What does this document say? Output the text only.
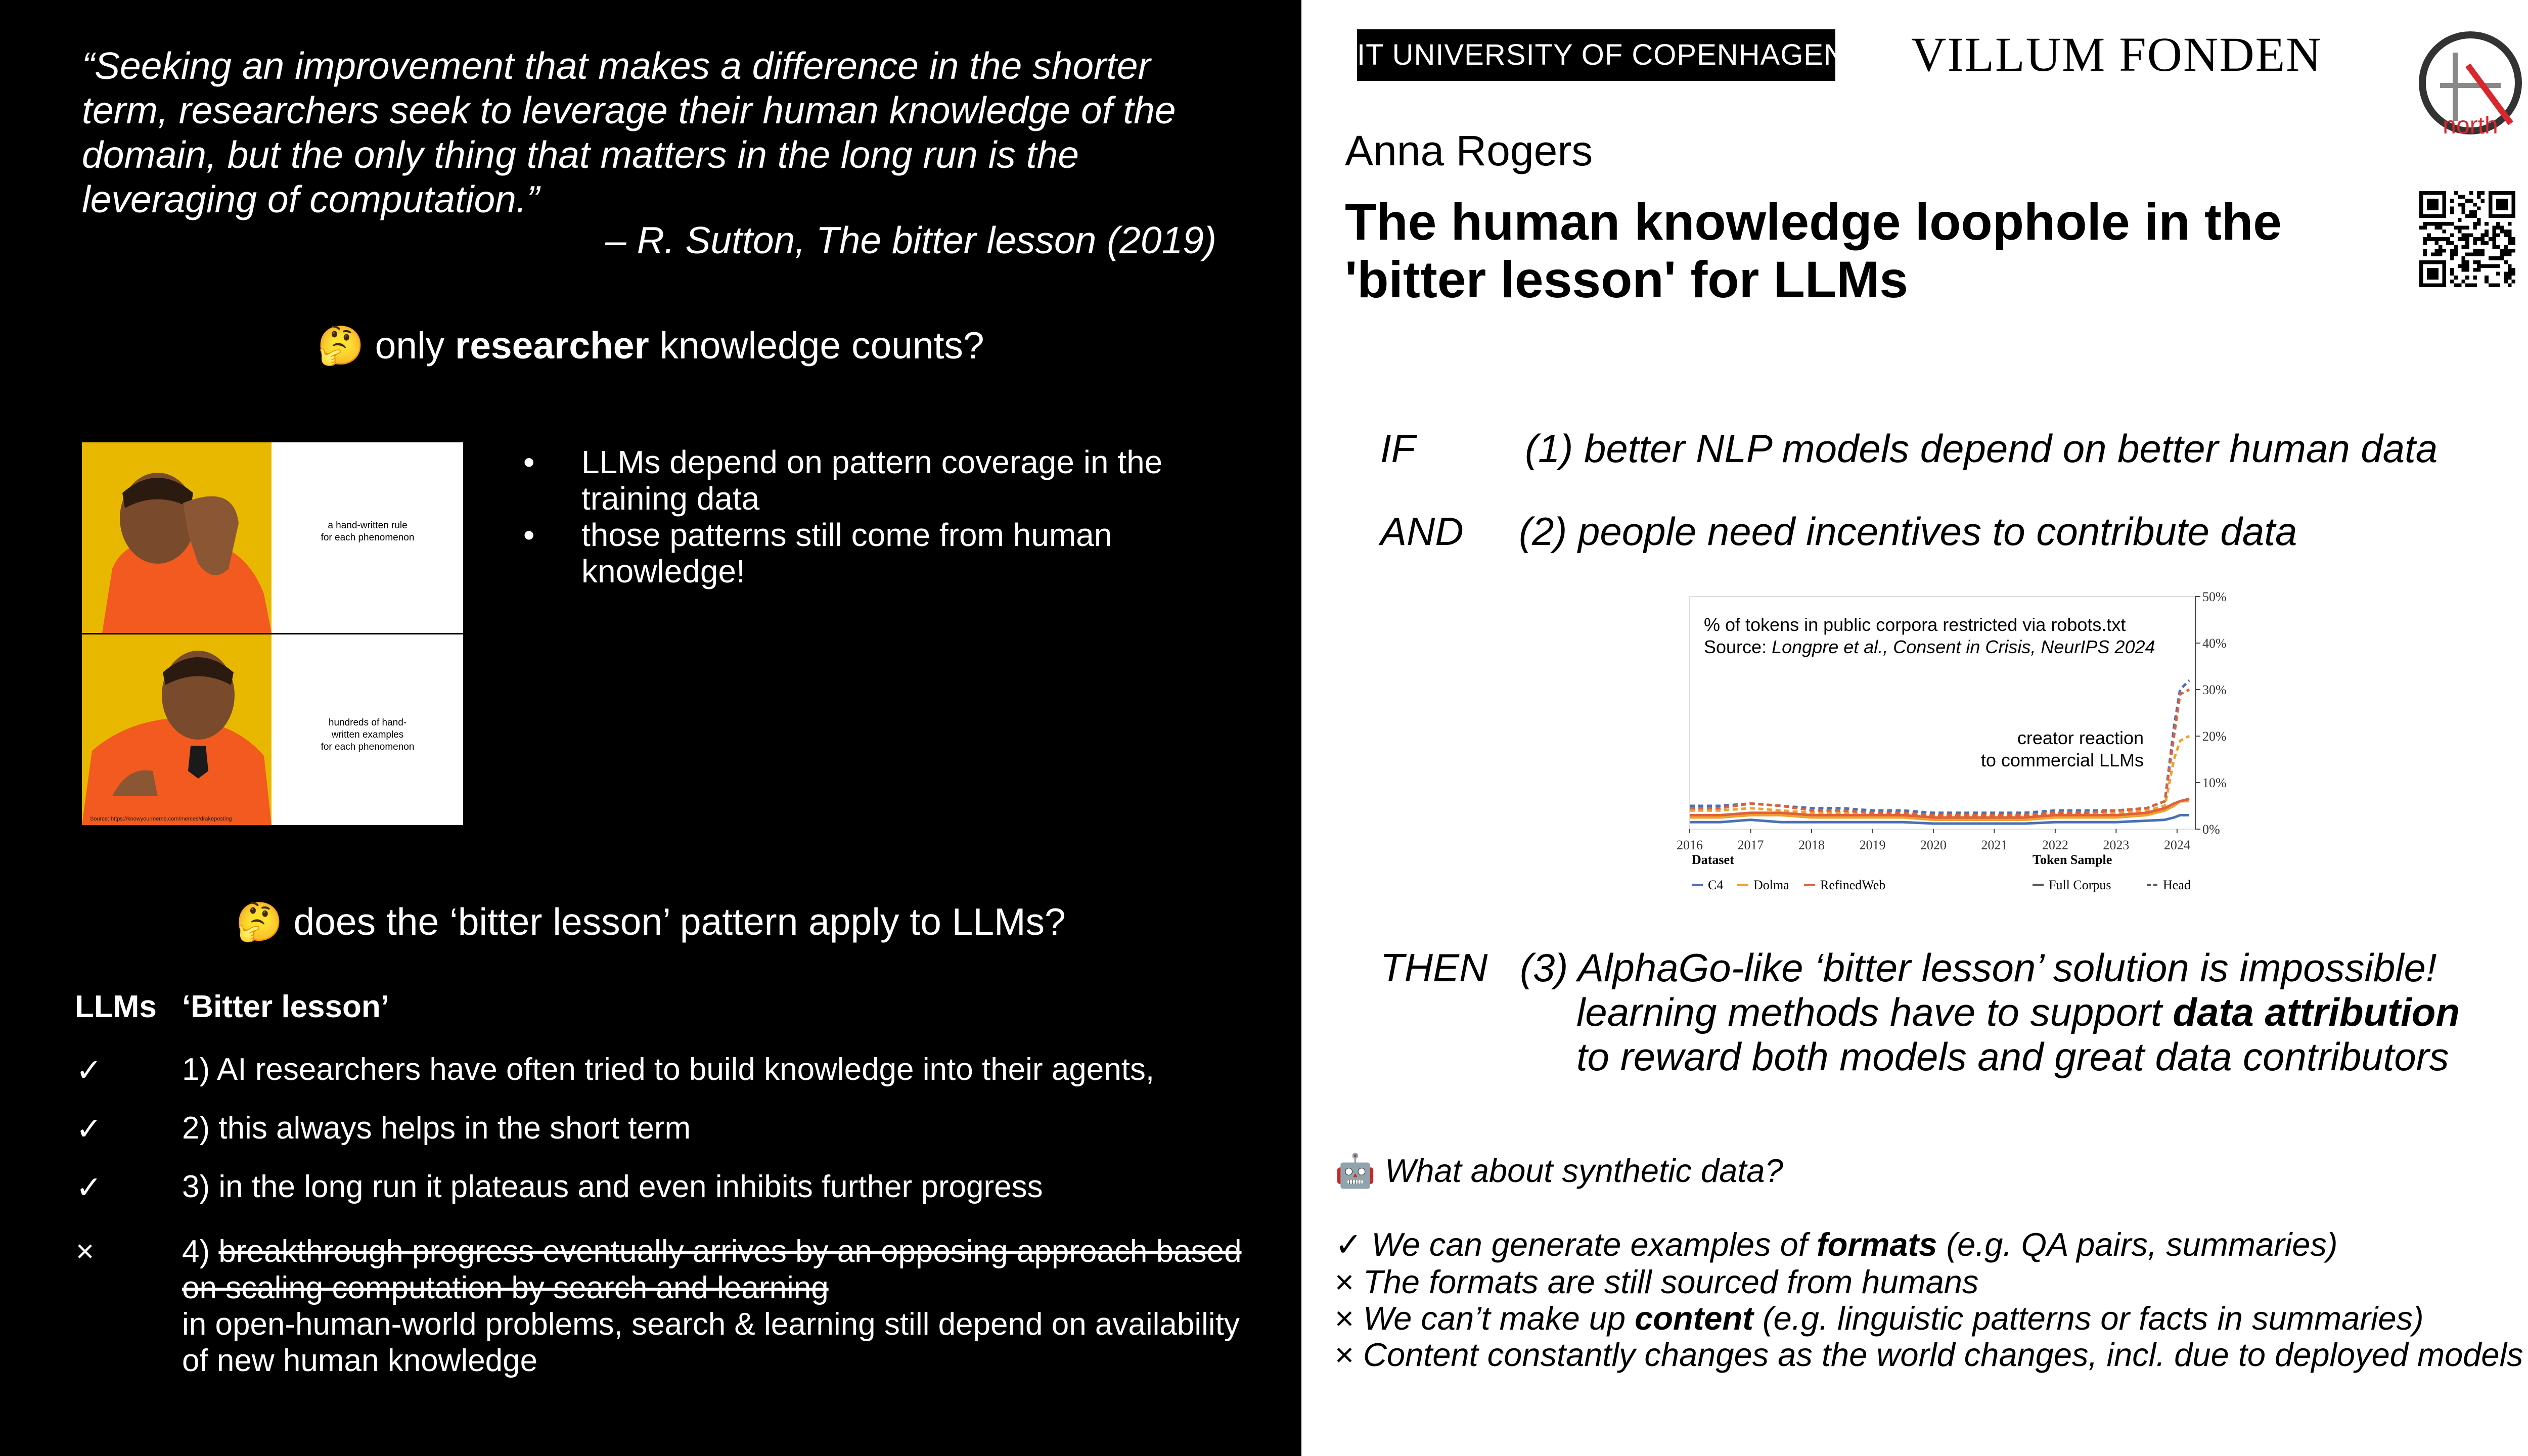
“Seeking an improvement that makes a difference in the shorter term, researchers seek to leverage their human knowledge of the domain, but the only thing that matters in the long run is the leveraging of computation.”
– R. Sutton, The bitter lesson (2019)
🤔 only researcher knowledge counts?
a hand-written rule
for each phenomenon
hundreds of hand-
written examples
for each phenomenon
Source: https://knowyourmeme.com/memes/drakeposting
• LLMs depend on pattern coverage in the training data
• those patterns still come from human knowledge!
🤔 does the ‘bitter lesson’ pattern apply to LLMs?
LLMs ‘Bitter lesson’
✓	1) AI researchers have often tried to build knowledge into their agents,
✓	2) this always helps in the short term
✓	3) in the long run it plateaus and even inhibits further progress
×	4) breakthrough progress eventually arrives by an opposing approach based on scaling computation by search and learning
in open-human-world problems, search & learning still depend on availability of new human knowledge
IT UNIVERSITY OF COPENHAGEN VILLUM FONDEN
north
Anna Rogers
The human knowledge loophole in the 'bitter lesson' for LLMs
IF	(1) better NLP models depend on better human data
AND (2) people need incentives to contribute data
0%
10%
20%
30%
40%
50%
2016	2017	2018	2019	2020	2021	2022	2023	2024
% of tokens in public corpora restricted via robots.txt
Source: Longpre et al., Consent in Crisis, NeurIPS 2024
creator reaction
to commercial LLMs
Dataset
C4 Dolma RefinedWeb
Token Sample
Full Corpus	Head
THEN (3) AlphaGo-like ‘bitter lesson’ solution is impossible!
learning methods have to support data attribution
to reward both models and great data contributors
🤖 What about synthetic data?
✓ We can generate examples of formats (e.g. QA pairs, summaries)
× The formats are still sourced from humans
× We can’t make up content (e.g. linguistic patterns or facts in summaries)
× Content constantly changes as the world changes, incl. due to deployed models
